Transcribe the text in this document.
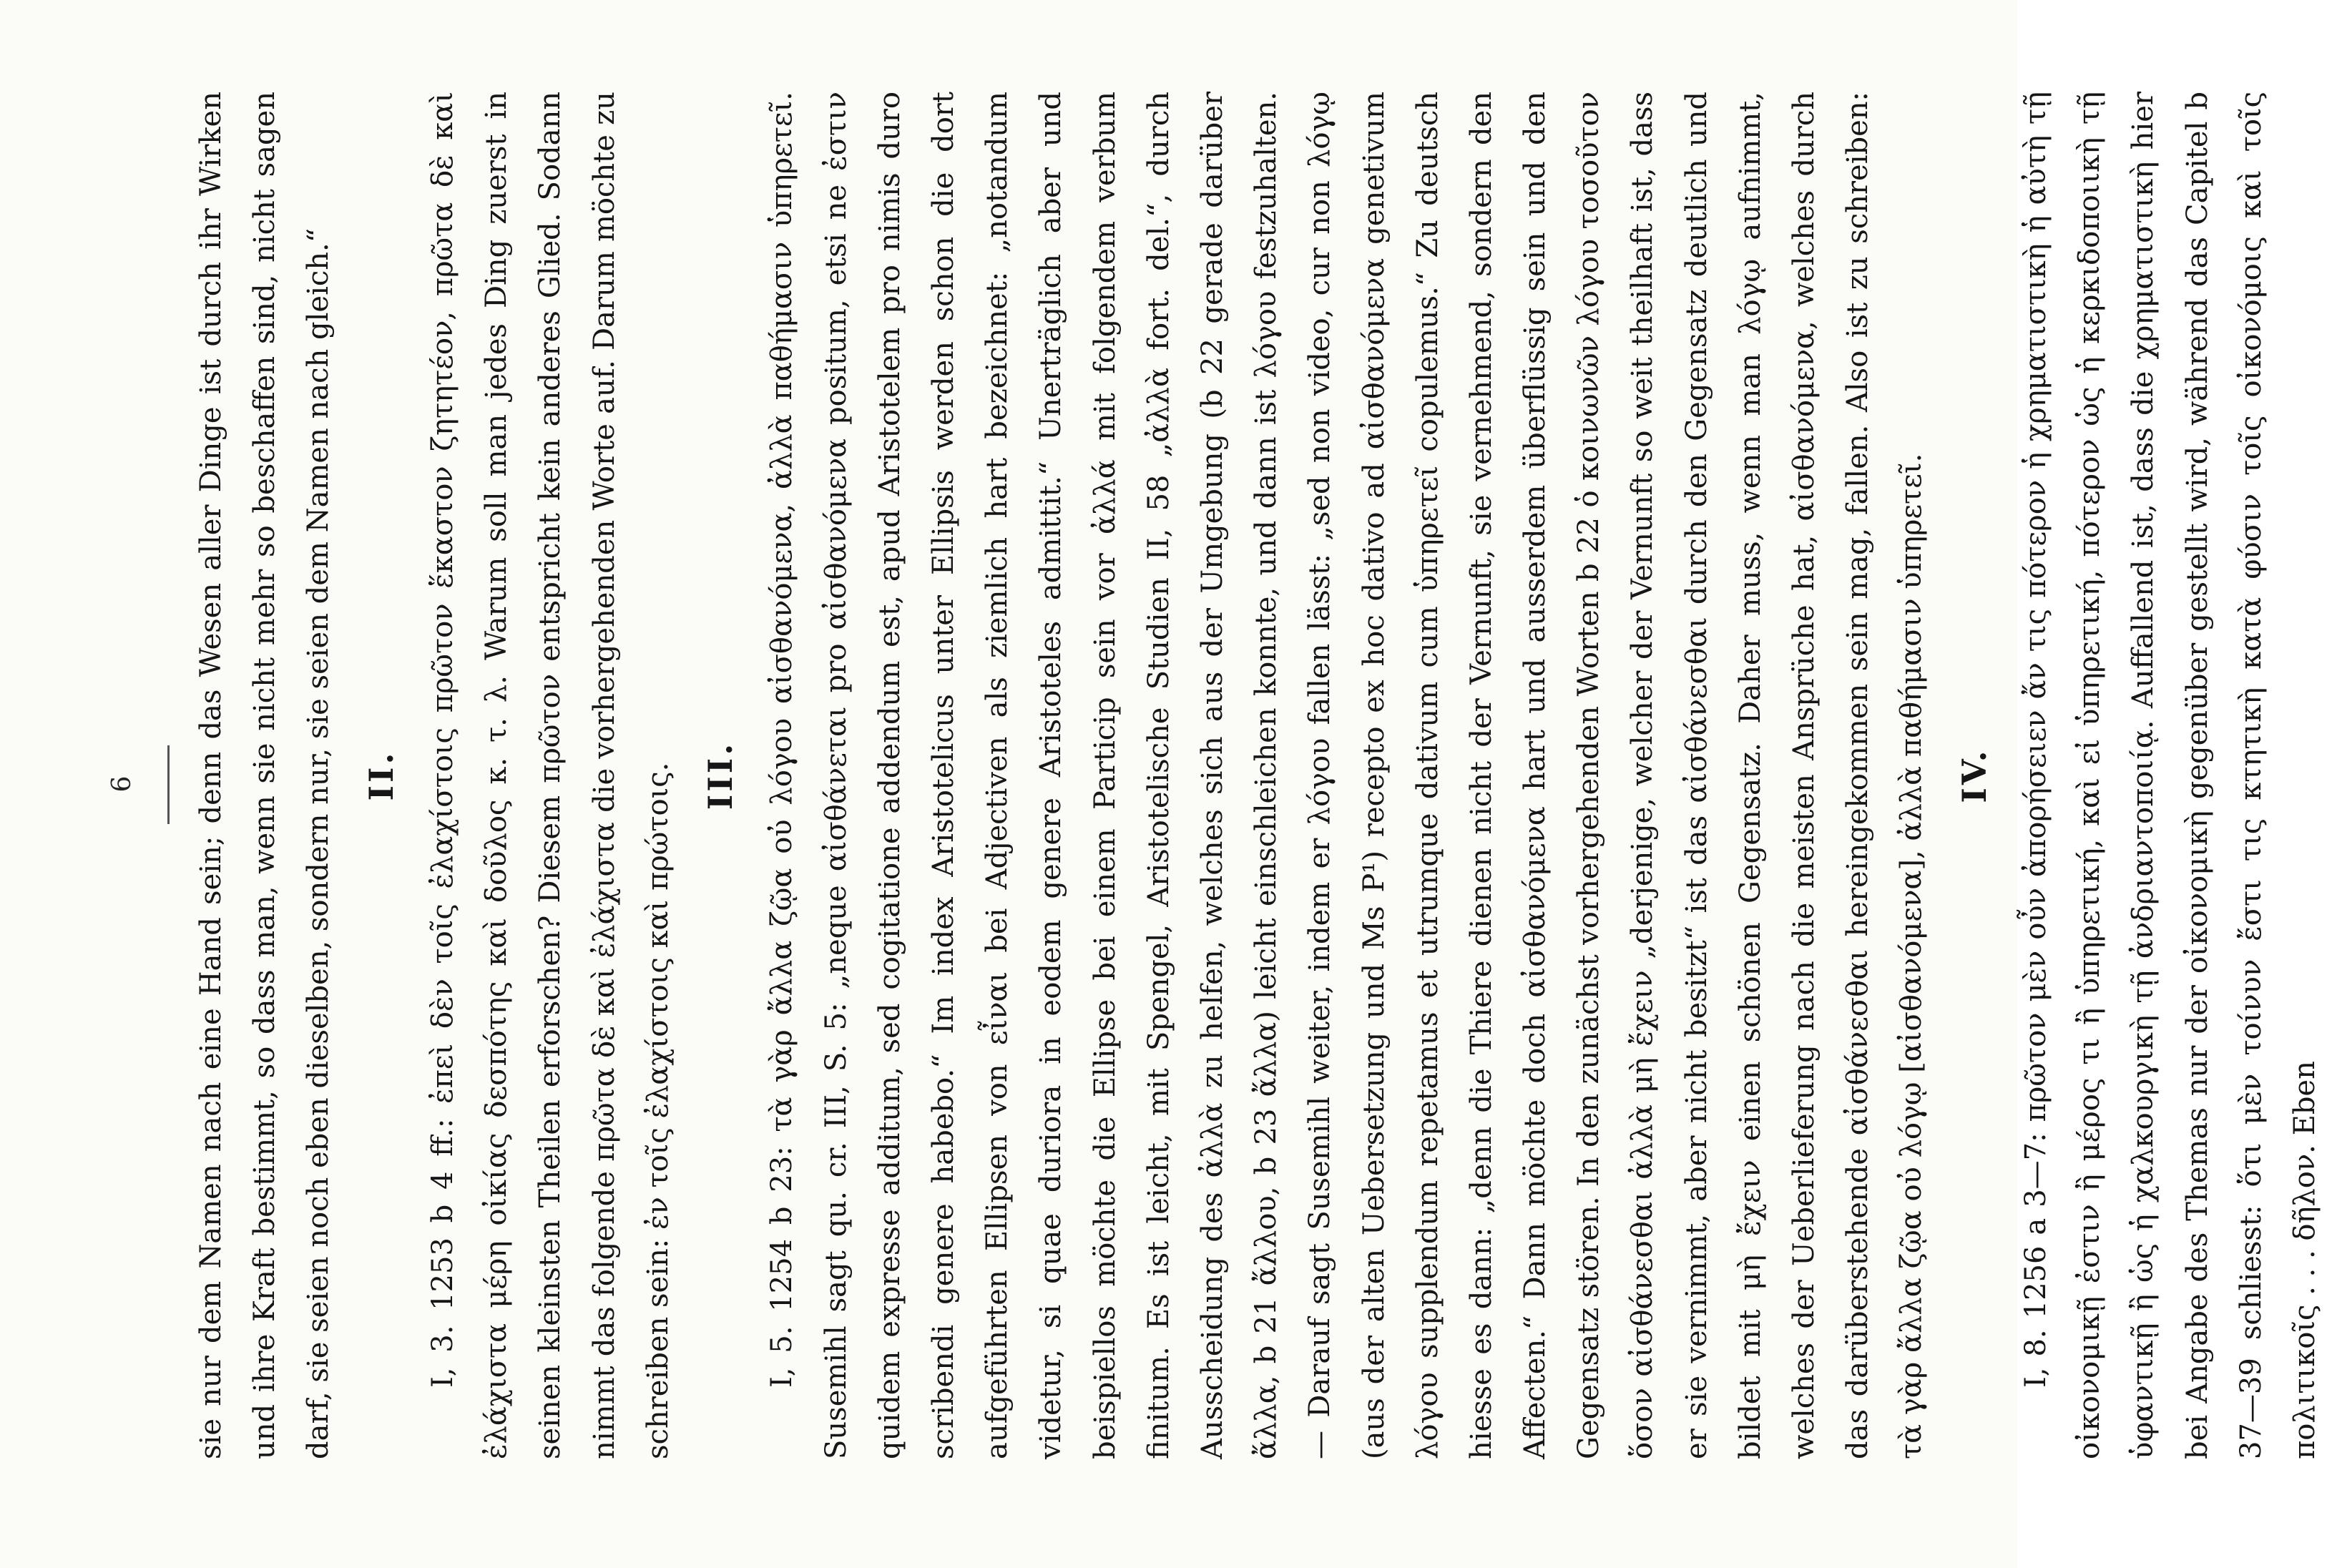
6	sie nur dem Namen nach eine Hand sein; denn das Wesen aller Dinge ist durch ihr Wirken und ihre Kraft bestimmt, so dass man, wenn sie nicht mehr so beschaffen sind, nicht sagen darf, sie seien noch eben dieselben, sondern nur, sie seien dem Namen nach gleich.“ II. I, 3. 1253 b 4 ff.: ἐπεὶ δὲν τοῖς ἐλαχίστοις πρῶτον ἕκαστον ζητητέον, πρῶτα δὲ καὶ ἐλάχιστα μέρη οἰκίας δεσπότης καὶ δοῦλος κ. τ. λ. Warum soll man jedes Ding zuerst in seinen kleinsten Theilen erforschen? Diesem πρῶτον entspricht kein anderes Glied. Sodann nimmt das folgende πρῶτα δὲ καὶ ἐλάχιστα die vorhergehenden Worte auf. Darum möchte zu schreiben sein: ἐν τοῖς ἐλαχίστοις καὶ πρώτοις. III. I, 5. 1254 b 23: τὰ γὰρ ἄλλα ζῷα οὐ λόγου αἰσθανόμενα, ἀλλὰ παθήμασιν ὑπηρετεῖ. Susemihl sagt qu. cr. III, S. 5: „neque αἰσθάνεται pro αἰσθανόμενα positum, etsi ne ἐστιν quidem expresse additum, sed cogitatione addendum est, apud Aristotelem pro nimis duro scribendi genere habebo.“ Im index Aristotelicus unter Ellipsis werden schon die dort aufgeführten Ellipsen von εἶναι bei Adjectiven als ziemlich hart bezeichnet: „notandum videtur, si quae duriora in eodem genere Aristoteles admittit.“ Unerträglich aber und beispiellos möchte die Ellipse bei einem Particip sein vor ἀλλά mit folgendem verbum finitum. Es ist leicht, mit Spengel, Aristotelische Studien II, 58 „ἀλλὰ fort. del.“, durch Ausscheidung des ἀλλὰ zu helfen, welches sich aus der Umgebung (b 22 gerade darüber ἄλλα, b 21 ἄλλου, b 23 ἄλλα) leicht einschleichen konnte, und dann ist λόγου festzuhalten. — Darauf sagt Susemihl weiter, indem er λόγου fallen lässt: „sed non video, cur non λόγῳ (aus der alten Uebersetzung und Ms P¹) recepto ex hoc dativo ad αἰσθανόμενα genetivum λόγου supplendum repetamus et utrumque dativum cum ὑπηρετεῖ copulemus.“ Zu deutsch hiesse es dann: „denn die Thiere dienen nicht der Vernunft, sie vernehmend, sondern den Affecten.“ Dann möchte doch αἰσθανόμενα hart und ausserdem überflüssig sein und den Gegensatz stören. In den zunächst vorhergehenden Worten b 22 ὁ κοινωνῶν λόγου τοσοῦτον ὅσον αἰσθάνεσθαι ἀλλὰ μὴ ἔχειν „derjenige, welcher der Vernunft so weit theilhaft ist, dass er sie vernimmt, aber nicht besitzt“ ist das αἰσθάνεσθαι durch den Gegensatz deutlich und bildet mit μὴ ἔχειν einen schönen Gegensatz. Daher muss, wenn man λόγῳ aufnimmt, welches der Ueberlieferung nach die meisten Ansprüche hat, αἰσθανόμενα, welches durch das darüberstehende αἰσθάνεσθαι hereingekommen sein mag, fallen. Also ist zu schreiben: τὰ γὰρ ἄλλα ζῷα οὐ λόγῳ [αἰσθανόμενα], ἀλλὰ παθήμασιν ὑπηρετεῖ. IV. I, 8. 1256 a 3—7: πρῶτον μὲν οὖν ἀπορήσειεν ἄν τις πότερον ἡ χρηματιστικὴ ἡ αὐτὴ τῇ οἰκονομικῇ ἐστιν ἢ μέρος τι ἢ ὑπηρετική, καὶ εἰ ὑπηρετική, πότερον ὡς ἡ κερκιδοποιικὴ τῇ ὑφαντικῇ ἢ ὡς ἡ χαλκουργικὴ τῇ ἀνδριαντοποιίᾳ. Auffallend ist, dass die χρηματιστικὴ hier bei Angabe des Themas nur der οἰκονομικὴ gegenüber gestellt wird, während das Capitel b 37—39 schliesst: ὅτι μὲν τοίνυν ἔστι τις κτητικὴ κατὰ φύσιν τοῖς οἰκονόμοις καὶ τοῖς πολιτικοῖς . . . δῆλον. Eben
